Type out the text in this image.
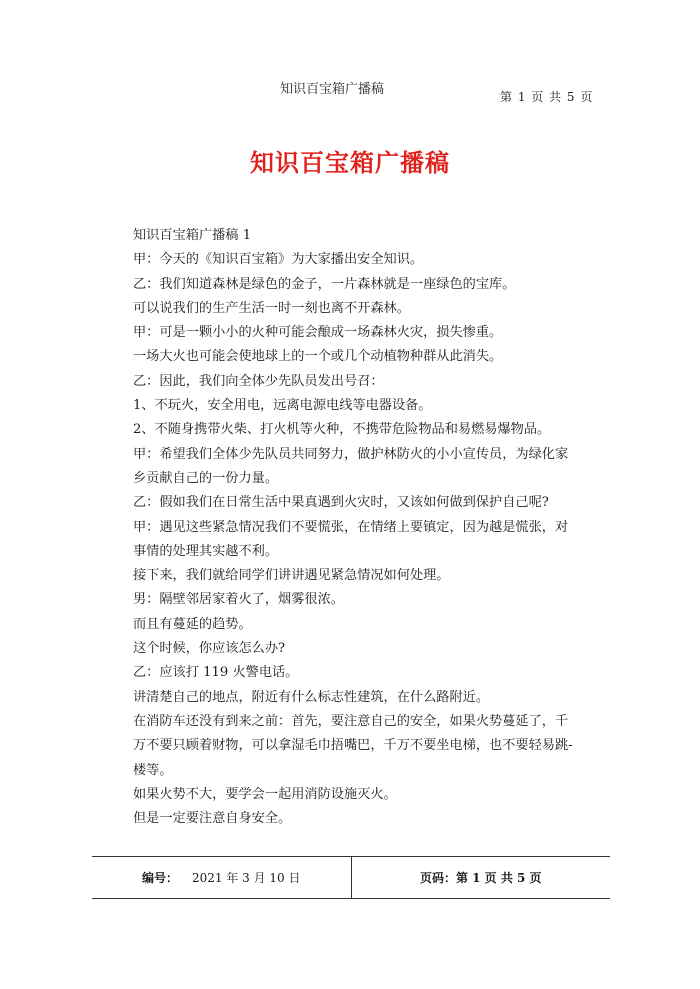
知识百宝箱广播稿	第 1 页 共 5 页
知识百宝箱广播稿

知识百宝箱广播稿 1

甲：今天的《知识百宝箱》为大家播出安全知识。

乙：我们知道森林是绿色的金子，一片森林就是一座绿色的宝库。

可以说我们的生产生活一时一刻也离不开森林。

甲：可是一颗小小的火种可能会酿成一场森林火灾，损失惨重。

一场大火也可能会使地球上的一个或几个动植物种群从此消失。

乙：因此，我们向全体少先队员发出号召：

1、不玩火，安全用电，远离电源电线等电器设备。

2、不随身携带火柴、打火机等火种，不携带危险物品和易燃易爆物品。

甲：希望我们全体少先队员共同努力，做护林防火的小小宣传员，为绿化家乡贡献自己的一份力量。

乙：假如我们在日常生活中果真遇到火灾时，又该如何做到保护自己呢?

甲：遇见这些紧急情况我们不要慌张，在情绪上要镇定，因为越是慌张，对事情的处理其实越不利。

接下来，我们就给同学们讲讲遇见紧急情况如何处理。

男：隔壁邻居家着火了，烟雾很浓。

而且有蔓延的趋势。

这个时候，你应该怎么办?

乙：应该打 119 火警电话。

讲清楚自己的地点，附近有什么标志性建筑，在什么路附近。

在消防车还没有到来之前：首先，要注意自己的安全，如果火势蔓延了，千万不要只顾着财物，可以拿湿毛巾捂嘴巴，千万不要坐电梯，也不要轻易跳-楼等。

如果火势不大，要学会一起用消防设施灭火。

但是一定要注意自身安全。

编号： 2021 年 3 月 10 日	页码： 第 1 页 共 5 页
